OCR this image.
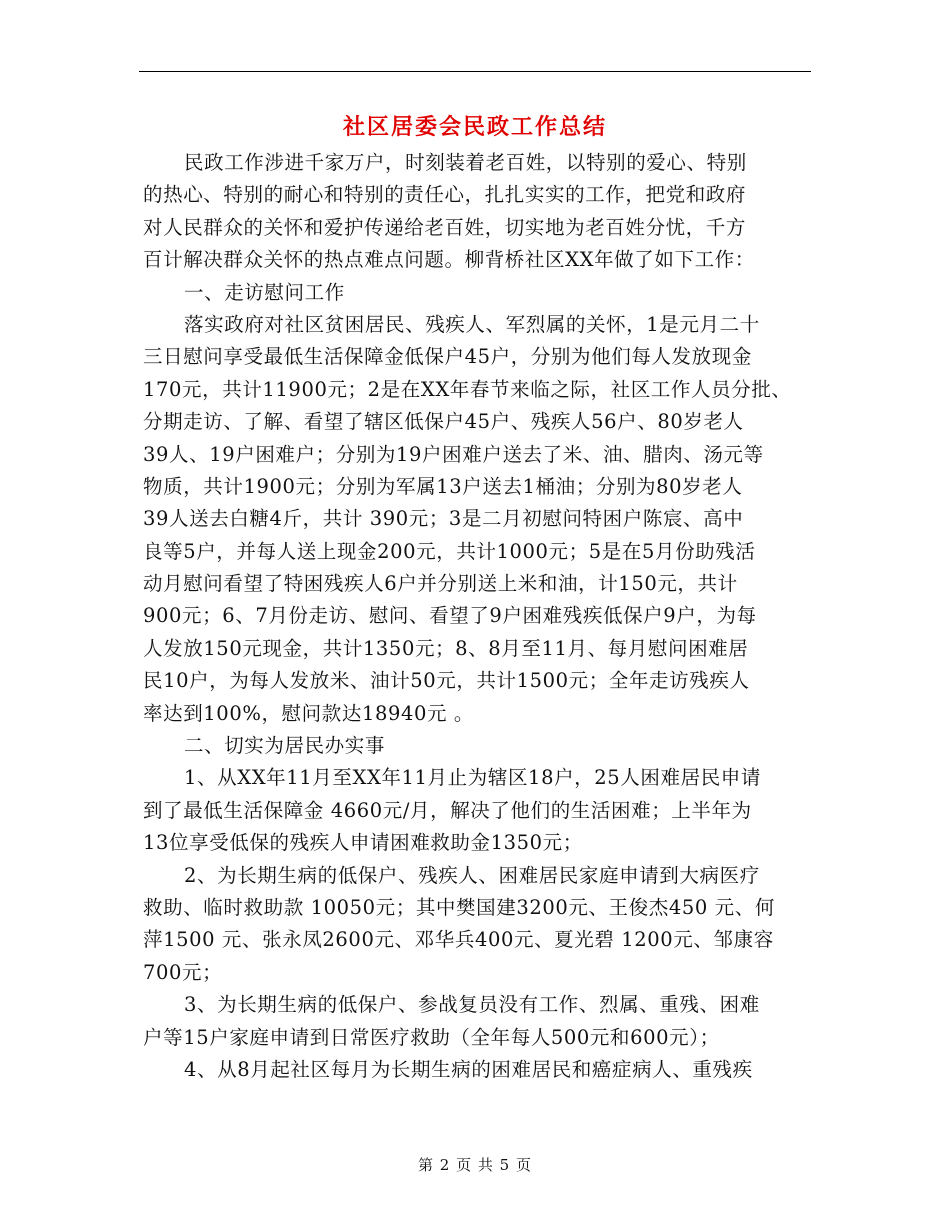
社区居委会民政工作总结
民政工作涉进千家万户，时刻装着老百姓，以特别的爱心、特别
的热心、特别的耐心和特别的责任心，扎扎实实的工作，把党和政府
对人民群众的关怀和爱护传递给老百姓，切实地为老百姓分忧，千方
百计解决群众关怀的热点难点问题。柳背桥社区XX年做了如下工作：
一、走访慰问工作
落实政府对社区贫困居民、残疾人、军烈属的关怀，1是元月二十
三日慰问享受最低生活保障金低保户45户，分别为他们每人发放现金
170元，共计11900元；2是在XX年春节来临之际，社区工作人员分批、
分期走访、了解、看望了辖区低保户45户、残疾人56户、80岁老人
39人、19户困难户；分别为19户困难户送去了米、油、腊肉、汤元等
物质，共计1900元；分别为军属13户送去1桶油；分别为80岁老人
39人送去白糖4斤，共计 390元；3是二月初慰问特困户陈宸、高中
良等5户，并每人送上现金200元，共计1000元；5是在5月份助残活
动月慰问看望了特困残疾人6户并分别送上米和油，计150元，共计
900元；6、7月份走访、慰问、看望了9户困难残疾低保户9户，为每
人发放150元现金，共计1350元；8、8月至11月、每月慰问困难居
民10户，为每人发放米、油计50元，共计1500元；全年走访残疾人
率达到100%，慰问款达18940元 。
二、切实为居民办实事
1、从XX年11月至XX年11月止为辖区18户，25人困难居民申请
到了最低生活保障金 4660元/月，解决了他们的生活困难；上半年为
13位享受低保的残疾人申请困难救助金1350元；
2、为长期生病的低保户、残疾人、困难居民家庭申请到大病医疗
救助、临时救助款 10050元；其中樊国建3200元、王俊杰450 元、何
萍1500 元、张永凤2600元、邓华兵400元、夏光碧 1200元、邹康容
700元；
3、为长期生病的低保户、参战复员没有工作、烈属、重残、困难
户等15户家庭申请到日常医疗救助（全年每人500元和600元）；
4、从8月起社区每月为长期生病的困难居民和癌症病人、重残疾
第 2 页 共 5 页
